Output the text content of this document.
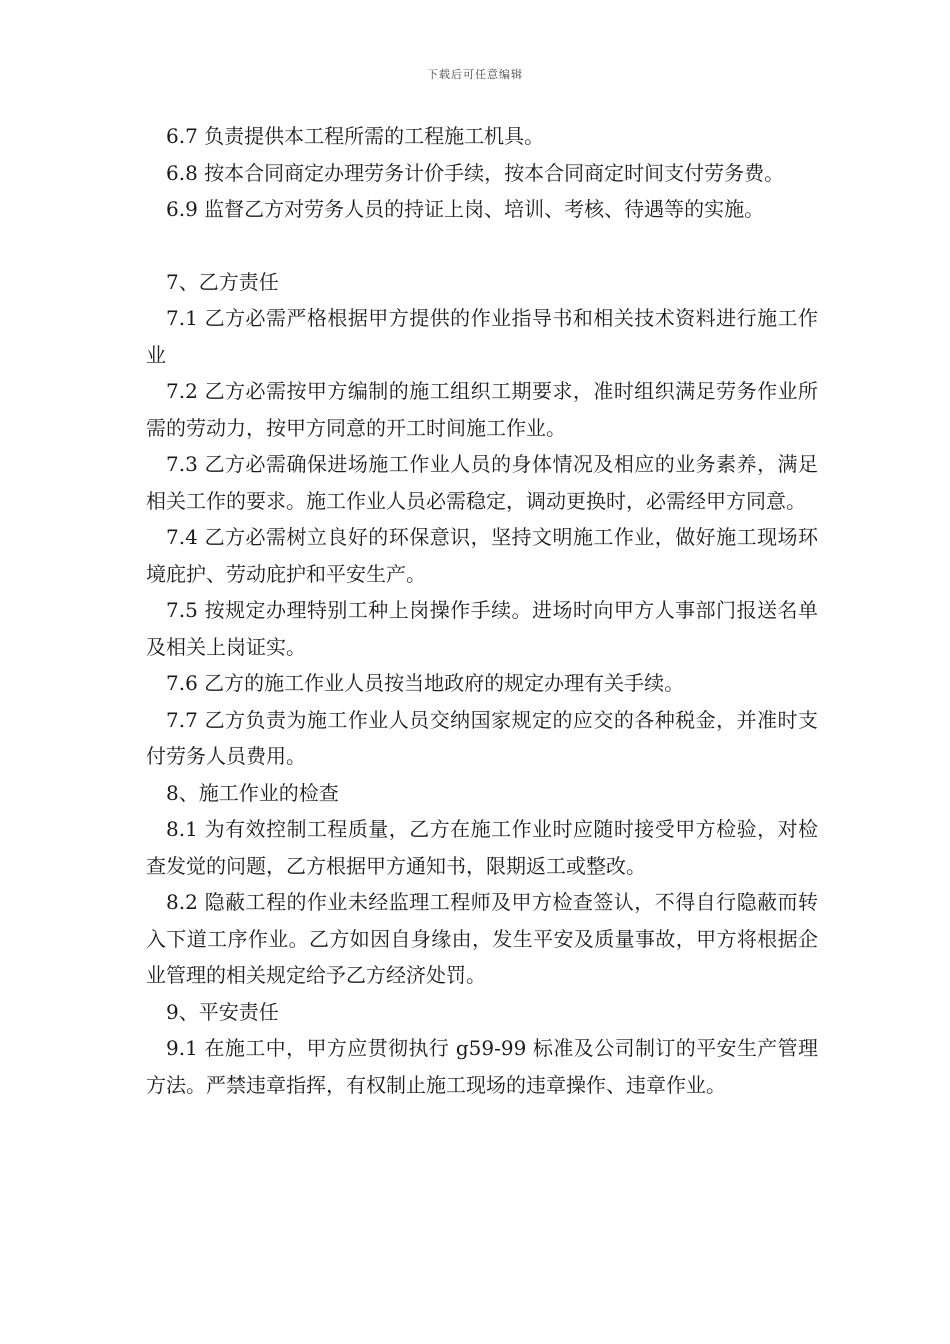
下载后可任意编辑

6.7 负责提供本工程所需的工程施工机具。

6.8 按本合同商定办理劳务计价手续，按本合同商定时间支付劳务费。

6.9 监督乙方对劳务人员的持证上岗、培训、考核、待遇等的实施。

7、乙方责任

7.1 乙方必需严格根据甲方提供的作业指导书和相关技术资料进行施工作业

7.2 乙方必需按甲方编制的施工组织工期要求，准时组织满足劳务作业所需的劳动力，按甲方同意的开工时间施工作业。

7.3 乙方必需确保进场施工作业人员的身体情况及相应的业务素养，满足相关工作的要求。施工作业人员必需稳定，调动更换时，必需经甲方同意。

7.4 乙方必需树立良好的环保意识，坚持文明施工作业，做好施工现场环境庇护、劳动庇护和平安生产。

7.5 按规定办理特别工种上岗操作手续。进场时向甲方人事部门报送名单及相关上岗证实。

7.6 乙方的施工作业人员按当地政府的规定办理有关手续。

7.7 乙方负责为施工作业人员交纳国家规定的应交的各种税金，并准时支付劳务人员费用。

8、施工作业的检查

8.1 为有效控制工程质量，乙方在施工作业时应随时接受甲方检验，对检查发觉的问题，乙方根据甲方通知书，限期返工或整改。

8.2 隐蔽工程的作业未经监理工程师及甲方检查签认，不得自行隐蔽而转入下道工序作业。乙方如因自身缘由，发生平安及质量事故，甲方将根据企业管理的相关规定给予乙方经济处罚。

9、平安责任

9.1 在施工中，甲方应贯彻执行 g59-99 标准及公司制订的平安生产管理方法。严禁违章指挥，有权制止施工现场的违章操作、违章作业。
